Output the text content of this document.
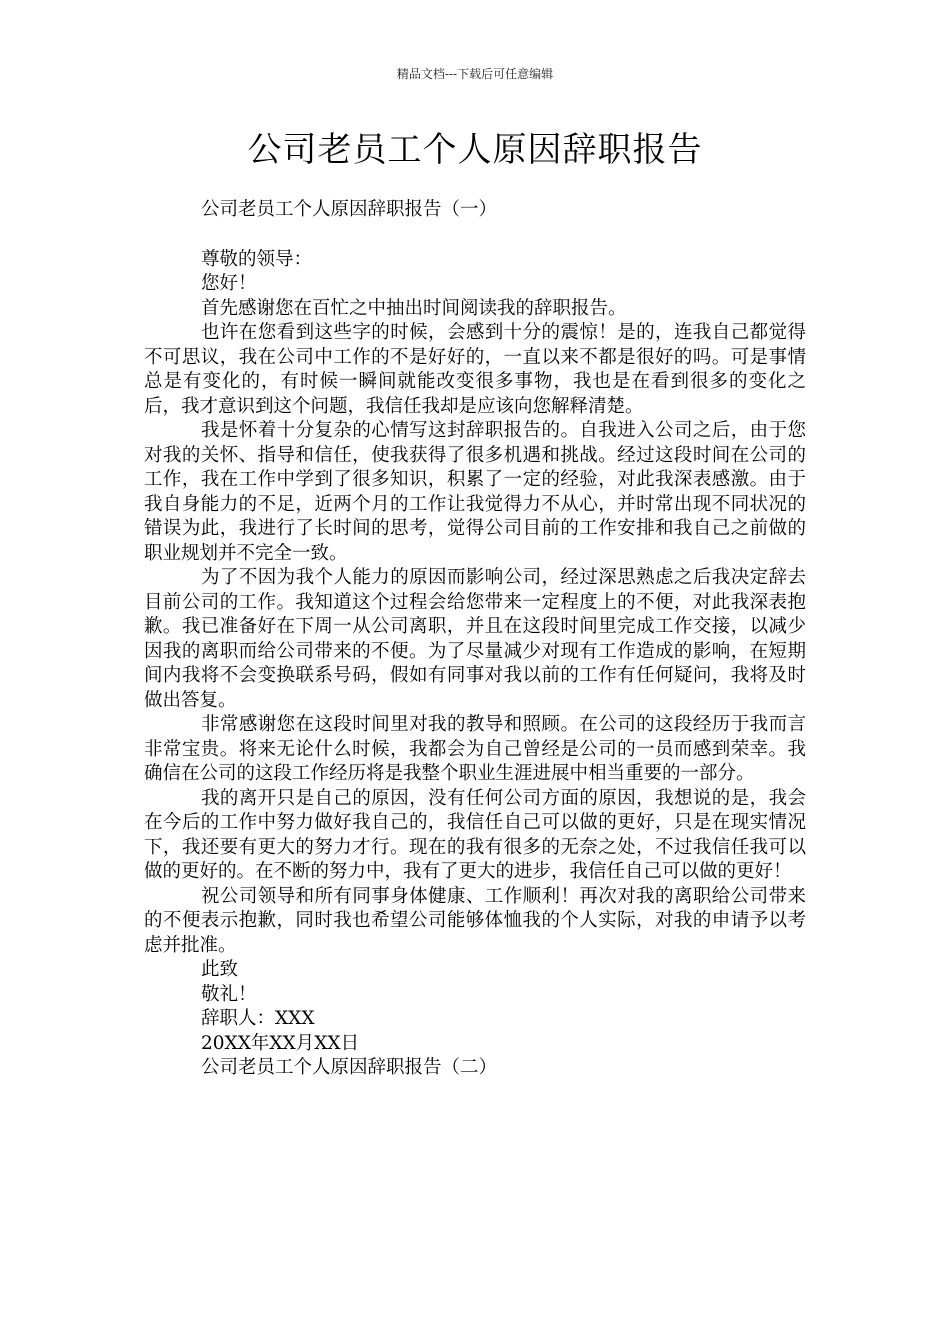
精品文档---下载后可任意编辑
公司老员工个人原因辞职报告

公司老员工个人原因辞职报告（一）

尊敬的领导：

您好！

首先感谢您在百忙之中抽出时间阅读我的辞职报告。

也许在您看到这些字的时候，会感到十分的震惊！是的，连我自己都觉得不可思议，我在公司中工作的不是好好的，一直以来不都是很好的吗。可是事情总是有变化的，有时候一瞬间就能改变很多事物，我也是在看到很多的变化之后，我才意识到这个问题，我信任我却是应该向您解释清楚。

我是怀着十分复杂的心情写这封辞职报告的。自我进入公司之后，由于您对我的关怀、指导和信任，使我获得了很多机遇和挑战。经过这段时间在公司的工作，我在工作中学到了很多知识，积累了一定的经验，对此我深表感激。由于我自身能力的不足，近两个月的工作让我觉得力不从心，并时常出现不同状况的错误为此，我进行了长时间的思考，觉得公司目前的工作安排和我自己之前做的职业规划并不完全一致。

为了不因为我个人能力的原因而影响公司，经过深思熟虑之后我决定辞去目前公司的工作。我知道这个过程会给您带来一定程度上的不便，对此我深表抱歉。我已准备好在下周一从公司离职，并且在这段时间里完成工作交接，以减少因我的离职而给公司带来的不便。为了尽量减少对现有工作造成的影响，在短期间内我将不会变换联系号码，假如有同事对我以前的工作有任何疑问，我将及时做出答复。

非常感谢您在这段时间里对我的教导和照顾。在公司的这段经历于我而言非常宝贵。将来无论什么时候，我都会为自己曾经是公司的一员而感到荣幸。我确信在公司的这段工作经历将是我整个职业生涯进展中相当重要的一部分。

我的离开只是自己的原因，没有任何公司方面的原因，我想说的是，我会在今后的工作中努力做好我自己的，我信任自己可以做的更好，只是在现实情况下，我还要有更大的努力才行。现在的我有很多的无奈之处，不过我信任我可以做的更好的。在不断的努力中，我有了更大的进步，我信任自己可以做的更好！

祝公司领导和所有同事身体健康、工作顺利！再次对我的离职给公司带来的不便表示抱歉，同时我也希望公司能够体恤我的个人实际，对我的申请予以考虑并批准。

此致

敬礼！

辞职人：XXX

20XX年XX月XX日

公司老员工个人原因辞职报告（二）
